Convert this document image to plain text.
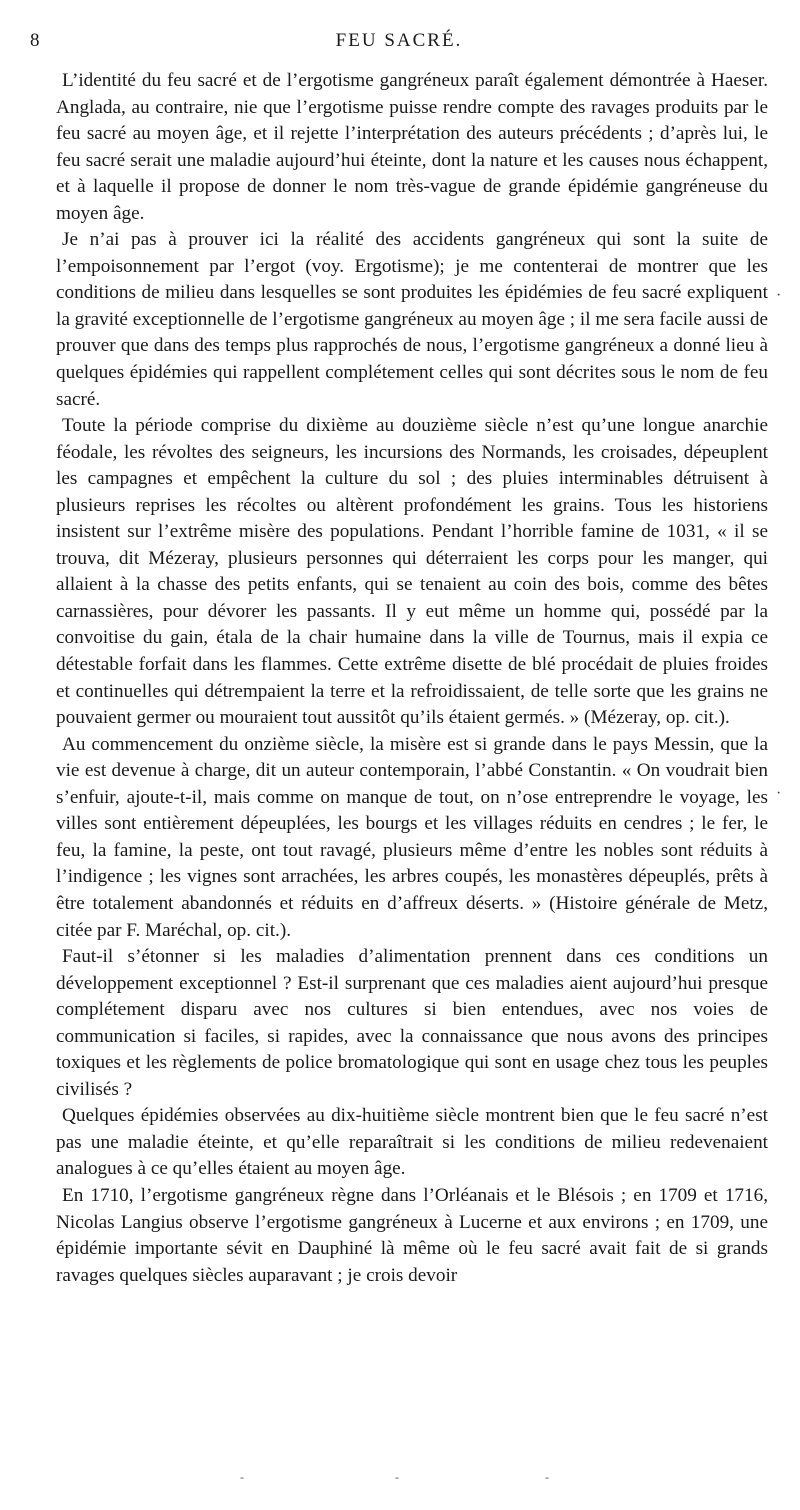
8	FEU SACRÉ.

L’identité du feu sacré et de l’ergotisme gangréneux paraît également démontrée à Haeser. Anglada, au contraire, nie que l’ergotisme puisse rendre compte des ravages produits par le feu sacré au moyen âge, et il rejette l’interprétation des auteurs précédents ; d’après lui, le feu sacré serait une maladie aujourd’hui éteinte, dont la nature et les causes nous échappent, et à laquelle il propose de donner le nom très-vague de grande épidémie gangréneuse du moyen âge.

Je n’ai pas à prouver ici la réalité des accidents gangréneux qui sont la suite de l’empoisonnement par l’ergot (voy. Ergotisme); je me contenterai de montrer que les conditions de milieu dans lesquelles se sont produites les épidémies de feu sacré expliquent la gravité exceptionnelle de l’ergotisme gangréneux au moyen âge ; il me sera facile aussi de prouver que dans des temps plus rapprochés de nous, l’ergotisme gangréneux a donné lieu à quelques épidémies qui rappellent complétement celles qui sont décrites sous le nom de feu sacré.

Toute la période comprise du dixième au douzième siècle n’est qu’une longue anarchie féodale, les révoltes des seigneurs, les incursions des Normands, les croisades, dépeuplent les campagnes et empêchent la culture du sol ; des pluies interminables détruisent à plusieurs reprises les récoltes ou altèrent profondément les grains. Tous les historiens insistent sur l’extrême misère des populations. Pendant l’horrible famine de 1031, « il se trouva, dit Mézeray, plusieurs personnes qui déterraient les corps pour les manger, qui allaient à la chasse des petits enfants, qui se tenaient au coin des bois, comme des bêtes carnassières, pour dévorer les passants. Il y eut même un homme qui, possédé par la convoitise du gain, étala de la chair humaine dans la ville de Tournus, mais il expia ce détestable forfait dans les flammes. Cette extrême disette de blé procédait de pluies froides et continuelles qui détrempaient la terre et la refroidissaient, de telle sorte que les grains ne pouvaient germer ou mouraient tout aussitôt qu’ils étaient germés. » (Mézeray, op. cit.).

Au commencement du onzième siècle, la misère est si grande dans le pays Messin, que la vie est devenue à charge, dit un auteur contemporain, l’abbé Constantin. « On voudrait bien s’enfuir, ajoute-t-il, mais comme on manque de tout, on n’ose entreprendre le voyage, les villes sont entièrement dépeuplées, les bourgs et les villages réduits en cendres ; le fer, le feu, la famine, la peste, ont tout ravagé, plusieurs même d’entre les nobles sont réduits à l’indigence ; les vignes sont arrachées, les arbres coupés, les monastères dépeuplés, prêts à être totalement abandonnés et réduits en d’affreux déserts. » (Histoire générale de Metz, citée par F. Maréchal, op. cit.).

Faut-il s’étonner si les maladies d’alimentation prennent dans ces conditions un développement exceptionnel ? Est-il surprenant que ces maladies aient aujourd’hui presque complétement disparu avec nos cultures si bien entendues, avec nos voies de communication si faciles, si rapides, avec la connaissance que nous avons des principes toxiques et les règlements de police bromatologique qui sont en usage chez tous les peuples civilisés ?

Quelques épidémies observées au dix-huitième siècle montrent bien que le feu sacré n’est pas une maladie éteinte, et qu’elle reparaîtrait si les conditions de milieu redevenaient analogues à ce qu’elles étaient au moyen âge.

En 1710, l’ergotisme gangréneux règne dans l’Orléanais et le Blésois ; en 1709 et 1716, Nicolas Langius observe l’ergotisme gangréneux à Lucerne et aux environs ; en 1709, une épidémie importante sévit en Dauphiné là même où le feu sacré avait fait de si grands ravages quelques siècles auparavant ; je crois devoir

·
·
-	-	-
